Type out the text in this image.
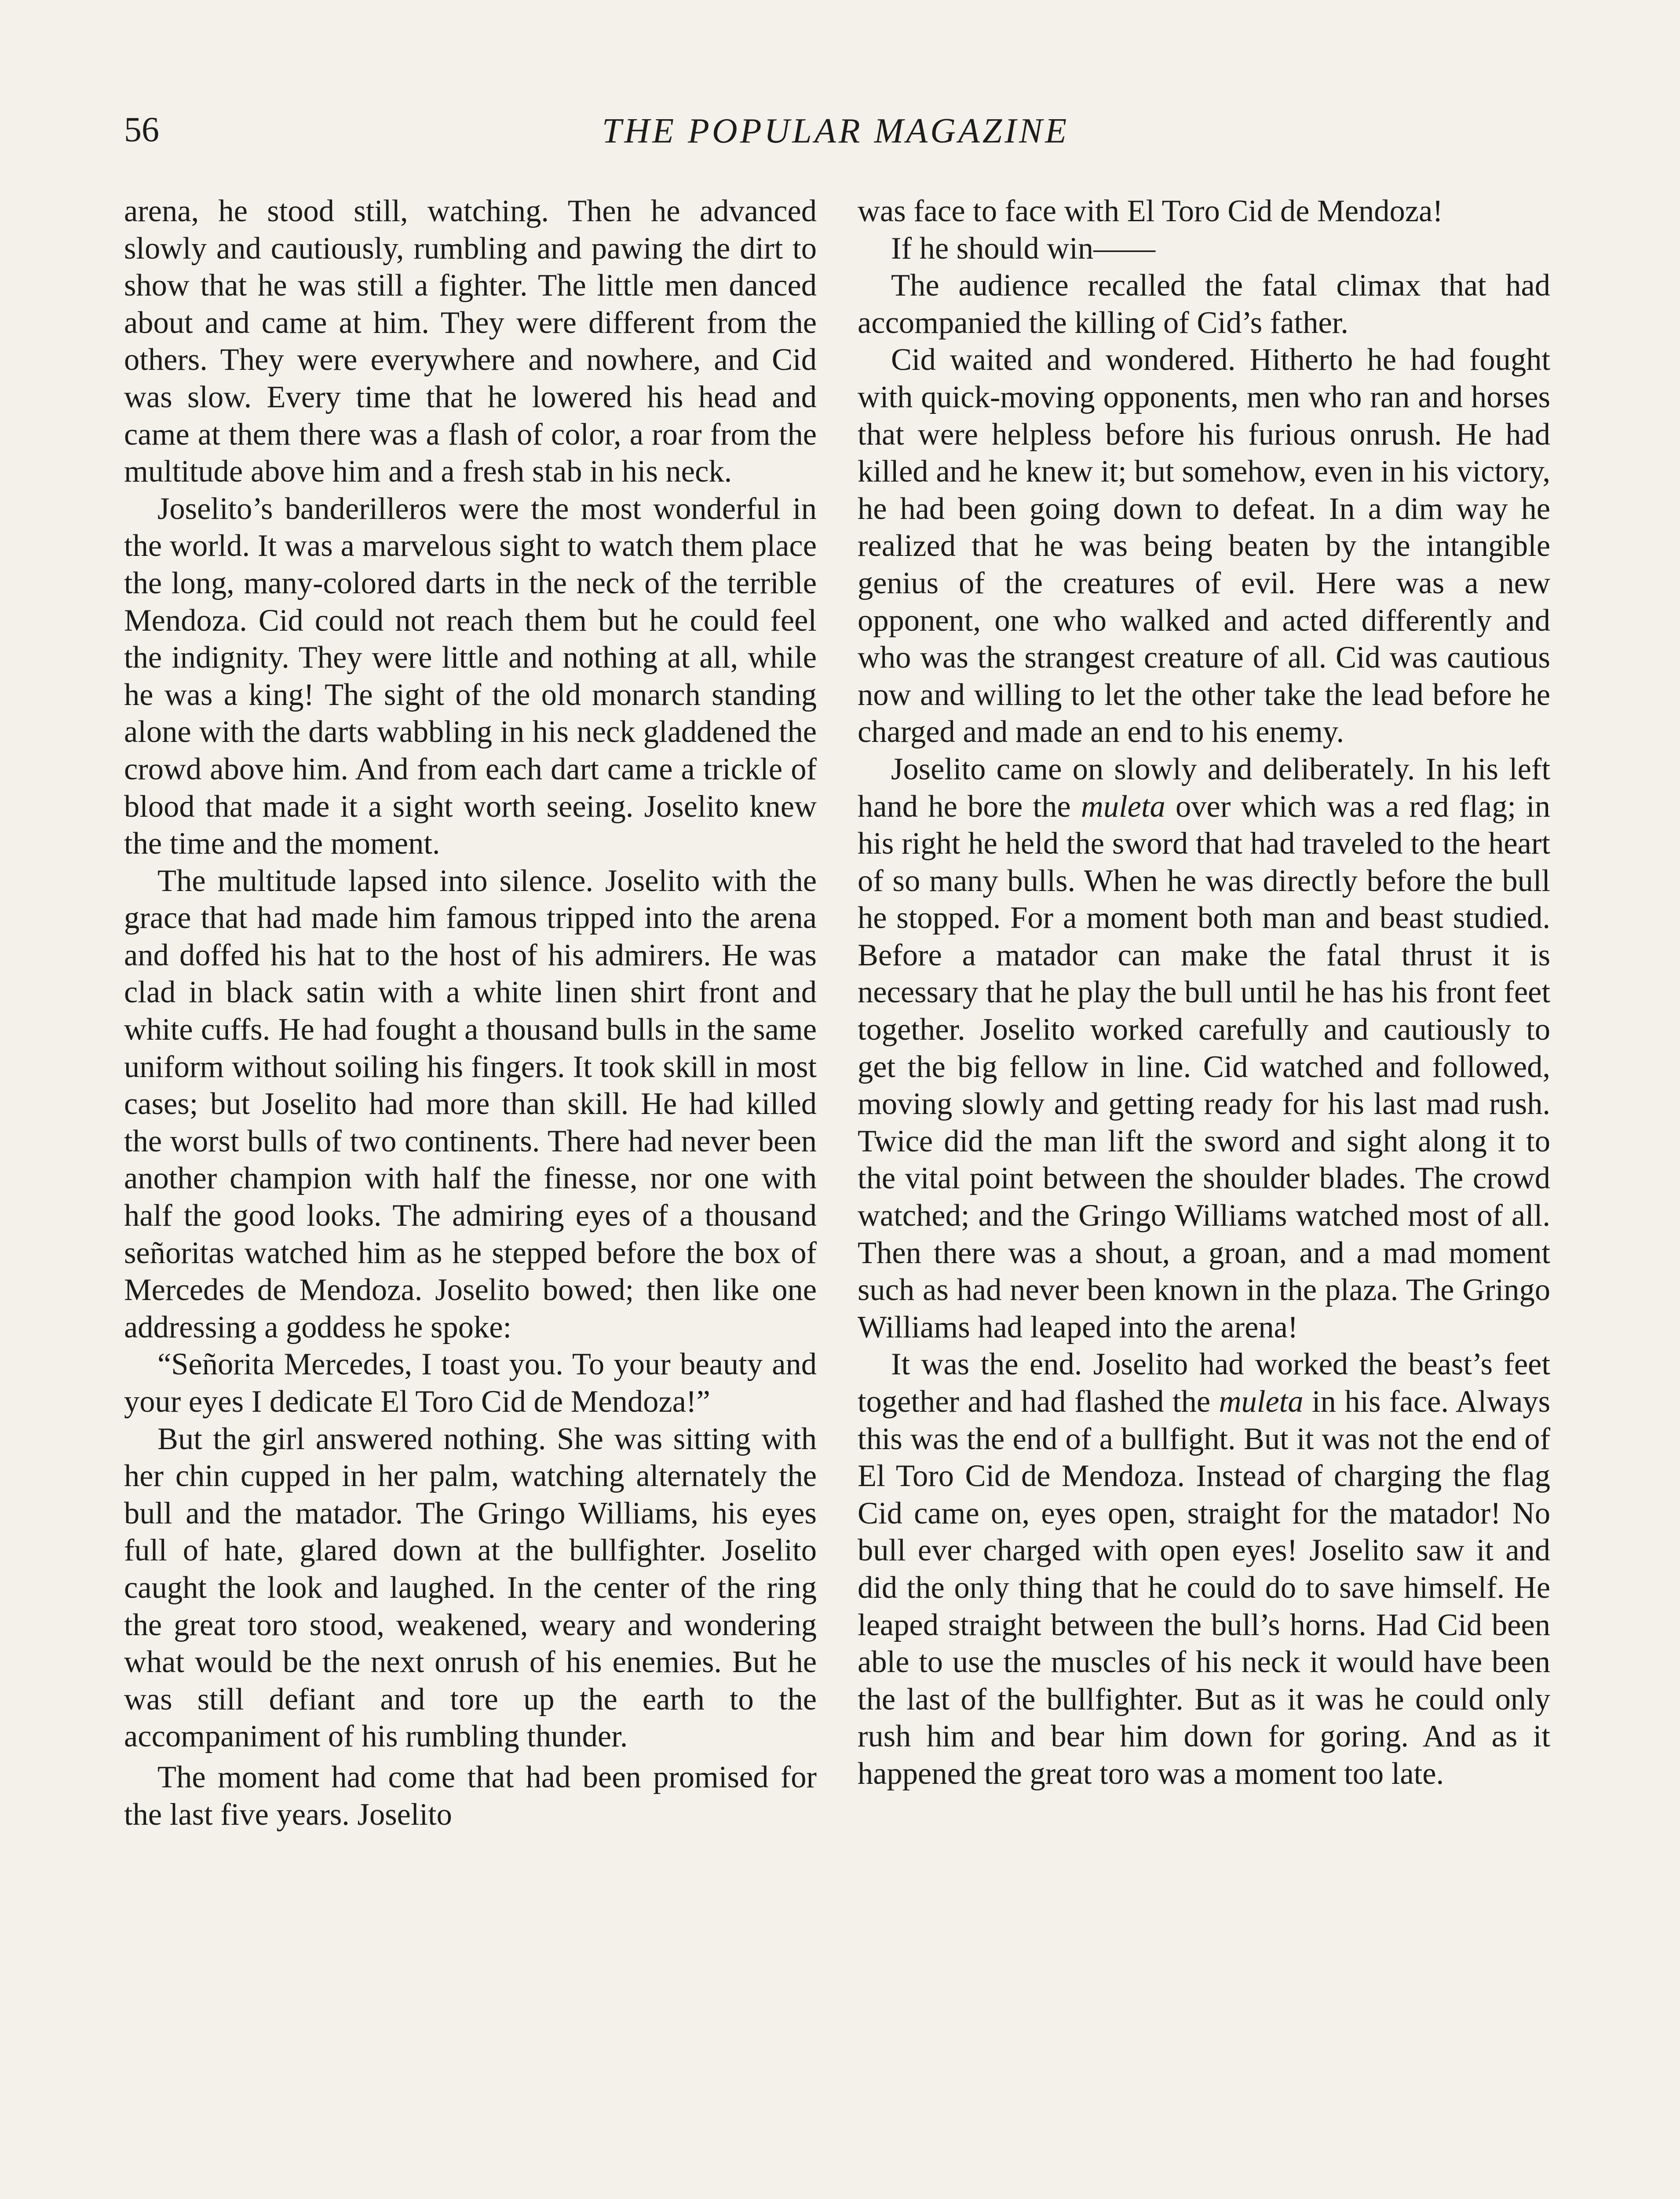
56	THE POPULAR MAGAZINE

arena, he stood still, watching. Then he advanced slowly and cautiously, rumbling and pawing the dirt to show that he was still a fighter. The little men danced about and came at him. They were different from the others. They were everywhere and nowhere, and Cid was slow. Every time that he lowered his head and came at them there was a flash of color, a roar from the multitude above him and a fresh stab in his neck.

Joselito’s banderilleros were the most wonderful in the world. It was a marvelous sight to watch them place the long, many-colored darts in the neck of the terrible Mendoza. Cid could not reach them but he could feel the indignity. They were little and nothing at all, while he was a king! The sight of the old monarch standing alone with the darts wabbling in his neck gladdened the crowd above him. And from each dart came a trickle of blood that made it a sight worth seeing. Joselito knew the time and the moment.

The multitude lapsed into silence. Joselito with the grace that had made him famous tripped into the arena and doffed his hat to the host of his admirers. He was clad in black satin with a white linen shirt front and white cuffs. He had fought a thousand bulls in the same uniform without soiling his fingers. It took skill in most cases; but Joselito had more than skill. He had killed the worst bulls of two continents. There had never been another champion with half the finesse, nor one with half the good looks. The admiring eyes of a thousand señoritas watched him as he stepped before the box of Mercedes de Mendoza. Joselito bowed; then like one addressing a goddess he spoke:

“Señorita Mercedes, I toast you. To your beauty and your eyes I dedicate El Toro Cid de Mendoza!”

But the girl answered nothing. She was sitting with her chin cupped in her palm, watching alternately the bull and the matador. The Gringo Williams, his eyes full of hate, glared down at the bullfighter. Joselito caught the look and laughed. In the center of the ring the great toro stood, weakened, weary and wondering what would be the next onrush of his enemies. But he was still defiant and tore up the earth to the accompaniment of his rumbling thunder.

The moment had come that had been promised for the last five years. Joselito

was face to face with El Toro Cid de Mendoza!

If he should win——

The audience recalled the fatal climax that had accompanied the killing of Cid’s father.

Cid waited and wondered. Hitherto he had fought with quick-moving opponents, men who ran and horses that were helpless before his furious onrush. He had killed and he knew it; but somehow, even in his victory, he had been going down to defeat. In a dim way he realized that he was being beaten by the intangible genius of the creatures of evil. Here was a new opponent, one who walked and acted differently and who was the strangest creature of all. Cid was cautious now and willing to let the other take the lead before he charged and made an end to his enemy.

Joselito came on slowly and deliberately. In his left hand he bore the muleta over which was a red flag; in his right he held the sword that had traveled to the heart of so many bulls. When he was directly before the bull he stopped. For a moment both man and beast studied. Before a matador can make the fatal thrust it is necessary that he play the bull until he has his front feet together. Joselito worked carefully and cautiously to get the big fellow in line. Cid watched and followed, moving slowly and getting ready for his last mad rush. Twice did the man lift the sword and sight along it to the vital point between the shoulder blades. The crowd watched; and the Gringo Williams watched most of all. Then there was a shout, a groan, and a mad moment such as had never been known in the plaza. The Gringo Williams had leaped into the arena!

It was the end. Joselito had worked the beast’s feet together and had flashed the muleta in his face. Always this was the end of a bullfight. But it was not the end of El Toro Cid de Mendoza. Instead of charging the flag Cid came on, eyes open, straight for the matador! No bull ever charged with open eyes! Joselito saw it and did the only thing that he could do to save himself. He leaped straight between the bull’s horns. Had Cid been able to use the muscles of his neck it would have been the last of the bullfighter. But as it was he could only rush him and bear him down for goring. And as it happened the great toro was a moment too late.
